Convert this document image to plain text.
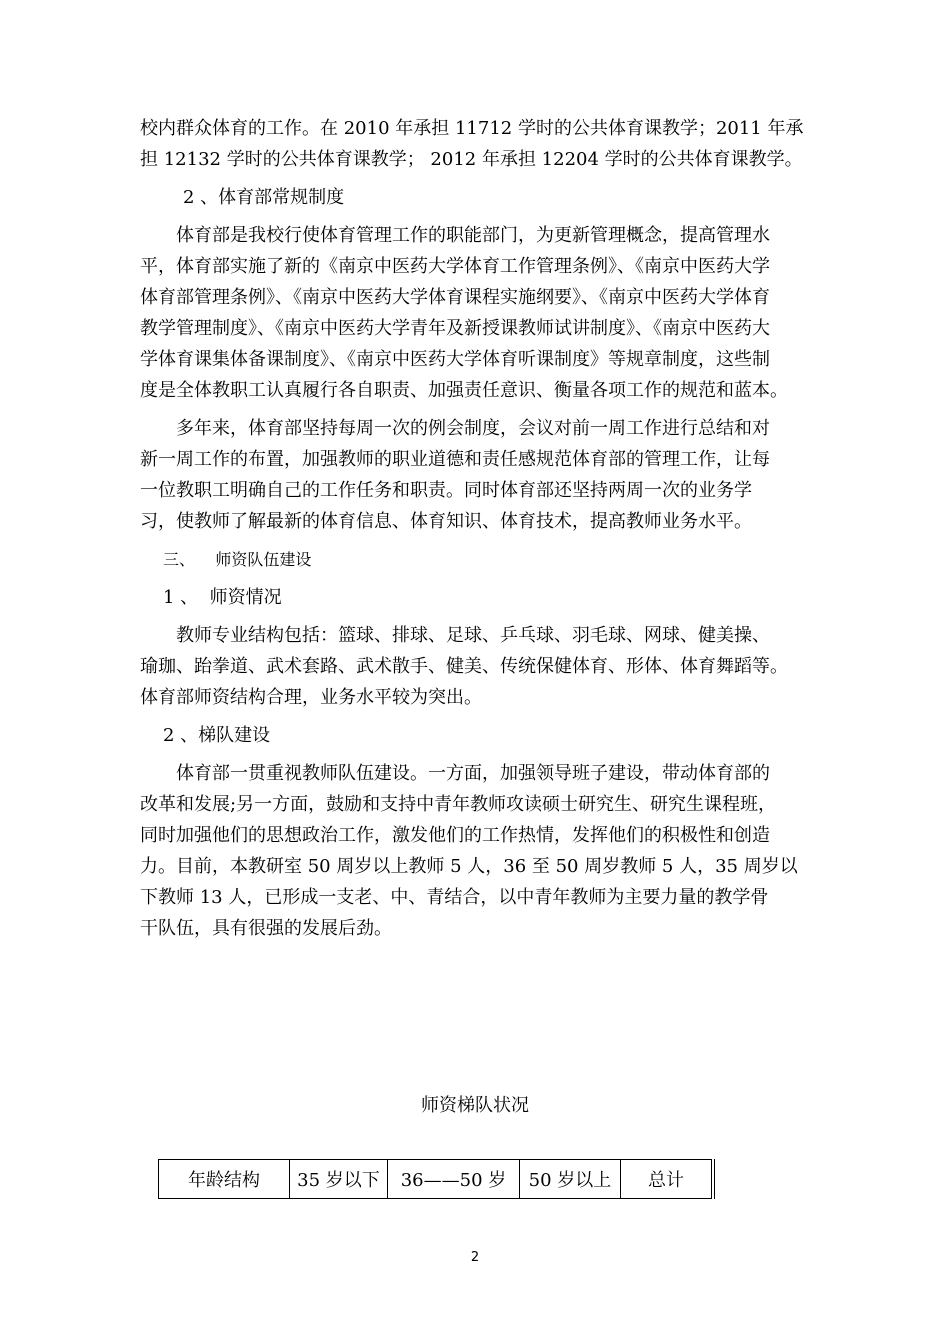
校内群众体育的工作。在 2010 年承担 11712 学时的公共体育课教学；2011 年承
担 12132 学时的公共体育课教学； 2012 年承担 12204 学时的公共体育课教学。
2 、体育部常规制度
体育部是我校行使体育管理工作的职能部门，为更新管理概念，提高管理水
平，体育部实施了新的《南京中医药大学体育工作管理条例》、《南京中医药大学
体育部管理条例》、《南京中医药大学体育课程实施纲要》、《南京中医药大学体育
教学管理制度》、《南京中医药大学青年及新授课教师试讲制度》、《南京中医药大
学体育课集体备课制度》、《南京中医药大学体育听课制度》等规章制度，这些制
度是全体教职工认真履行各自职责、加强责任意识、衡量各项工作的规范和蓝本。
多年来，体育部坚持每周一次的例会制度，会议对前一周工作进行总结和对
新一周工作的布置，加强教师的职业道德和责任感规范体育部的管理工作，让每
一位教职工明确自己的工作任务和职责。同时体育部还坚持两周一次的业务学
习，使教师了解最新的体育信息、体育知识、体育技术，提高教师业务水平。
三、    师资队伍建设
1 、  师资情况
教师专业结构包括：篮球、排球、足球、乒乓球、羽毛球、网球、健美操、
瑜珈、跆拳道、武术套路、武术散手、健美、传统保健体育、形体、体育舞蹈等。
体育部师资结构合理，业务水平较为突出。
2 、梯队建设
体育部一贯重视教师队伍建设。一方面，加强领导班子建设，带动体育部的
改革和发展;另一方面，鼓励和支持中青年教师攻读硕士研究生、研究生课程班，
同时加强他们的思想政治工作，激发他们的工作热情，发挥他们的积极性和创造
力。目前，本教研室 50 周岁以上教师 5 人，36 至 50 周岁教师 5 人，35 周岁以
下教师 13 人，已形成一支老、中、青结合，以中青年教师为主要力量的教学骨
干队伍，具有很强的发展后劲。
师资梯队状况
年龄结构	35 岁以下	36——50 岁	50 岁以上	总计
2
